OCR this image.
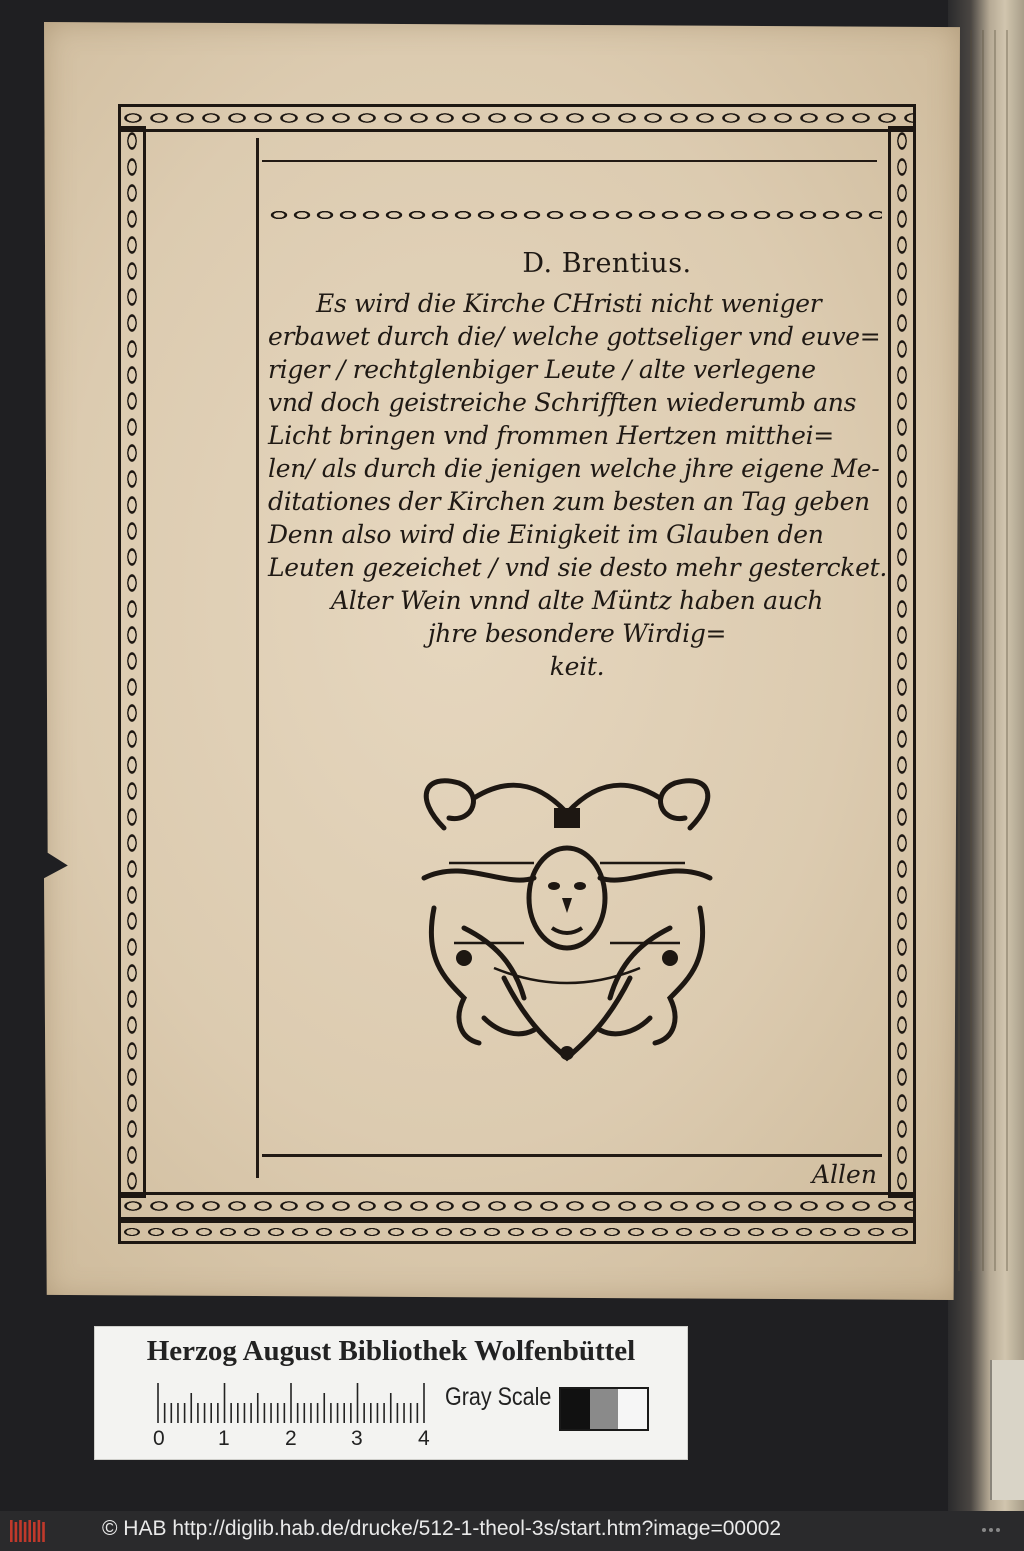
D. Brentius.
Es wird die Kirche CHristi nicht weniger
erbawet durch die/ welche gottseliger vnd euve=
riger / rechtglenbiger Leute / alte verlegene
vnd doch geistreiche Schrifften wiederumb ans
Licht bringen vnd frommen Hertzen mitthei=
len/ als durch die jenigen welche jhre eigene Me-
ditationes der Kirchen zum besten an Tag geben
Denn also wird die Einigkeit im Glauben den
Leuten gezeichet / vnd sie desto mehr gestercket.
Alter Wein vnnd alte Müntz haben auch
jhre besondere Wirdig=
keit.
Allen
Herzog August Bibliothek Wolfenbüttel
0	1	2	3	4
Gray Scale
© HAB http://diglib.hab.de/drucke/512-1-theol-3s/start.htm?image=00002
